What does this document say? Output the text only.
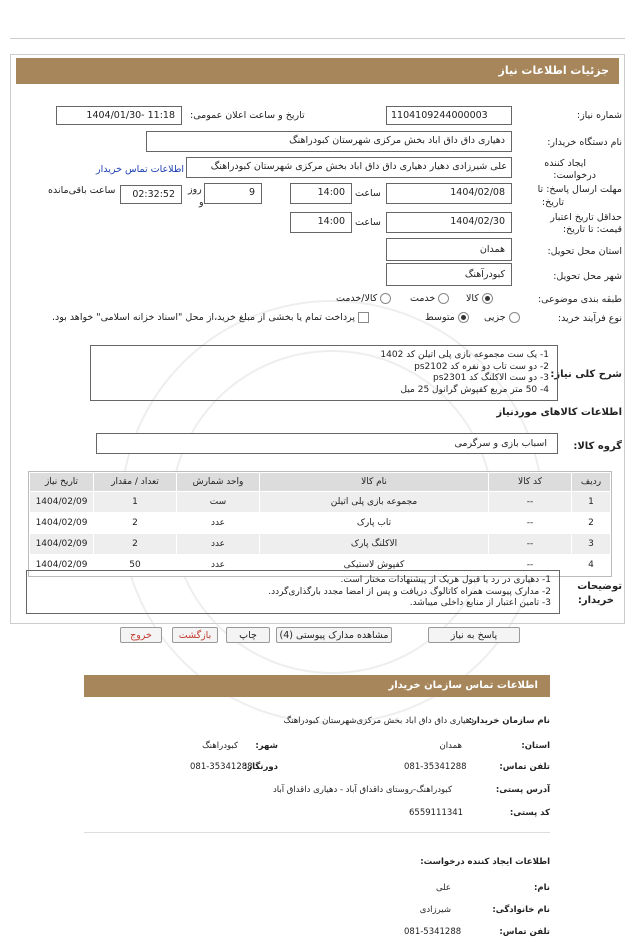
جزئیات اطلاعات نیاز
شماره نیاز:
1104109244000003
تاریخ و ساعت اعلان عمومی:
1404/01/30- 11:18
نام دستگاه خریدار:
دهیاری داق داق اباد بخش مرکزی شهرستان کبودراهنگ
ایجاد کننده
درخواست:
علی شیرزادی دهیار دهیاری داق داق اباد بخش مرکزی شهرستان کبودراهنگ
اطلاعات تماس خریدار
مهلت ارسال پاسخ: تا
تاریخ:
1404/02/08
ساعت
14:00
9
روز
و
02:32:52
ساعت باقی‌مانده
حداقل تاریخ اعتبار
قیمت: تا تاریخ:
1404/02/30
ساعت
14:00
استان محل تحویل:
همدان
شهر محل تحویل:
کبودرآهنگ
طبقه بندی موضوعی:
کالا
خدمت
کالا/خدمت
نوع فرآیند خرید:
جزیی
متوسط
پرداخت تمام یا بخشی از مبلغ خرید،از محل "اسناد خزانه اسلامی" خواهد بود.
شرح کلی نیاز:
1- یک ست مجموعه بازی پلی اتیلن کد 1402
2- دو ست تاب دو نفره کد ps2102
3- دو ست الاکلنگ کد ps2301
4- 50 متر مربع کفپوش گرانول 25 میل
اطلاعات کالاهای موردنیاز
گروه کالا:
اسباب بازی و سرگرمی
ردیف	کد کالا	نام کالا	واحد شمارش	تعداد / مقدار	تاریخ نیاز
1	--	مجموعه بازی پلی اتیلن	ست	1	1404/02/09
2	--	تاب پارک	عدد	2	1404/02/09
3	--	الاکلنگ پارک	عدد	2	1404/02/09
4	--	کفپوش لاستیکی	عدد	50	1404/02/09
توضیحات
خریدار:
1- دهیاری در رد یا قبول هریک از پیشنهادات مختار است.
2- مدارک پیوست همراه کاتالوگ دریافت و پس از امضا مجدد بارگذاری‌گردد.
3- تامین اعتبار از منابع داخلی میباشد.
پاسخ به نیاز
مشاهده مدارک پیوستی (4)
چاپ
بازگشت
خروج
اطلاعات تماس سازمان خریدار
نام سازمان خریدار:
دهیاری داق داق اباد بخش مرکزی‌شهرستان کبودراهنگ
استان:
همدان
شهر:
کبودراهنگ
تلفن تماس:
081-35341288
دورنگار:
081-35341288
آدرس پستی:
کبودراهنگ-روستای داقداق آباد - دهیاری داقداق آباد
کد پستی:
6559111341
اطلاعات ایجاد کننده درخواست:
نام:
علی
نام خانوادگی:
شیرزادی
تلفن تماس:
081-5341288
